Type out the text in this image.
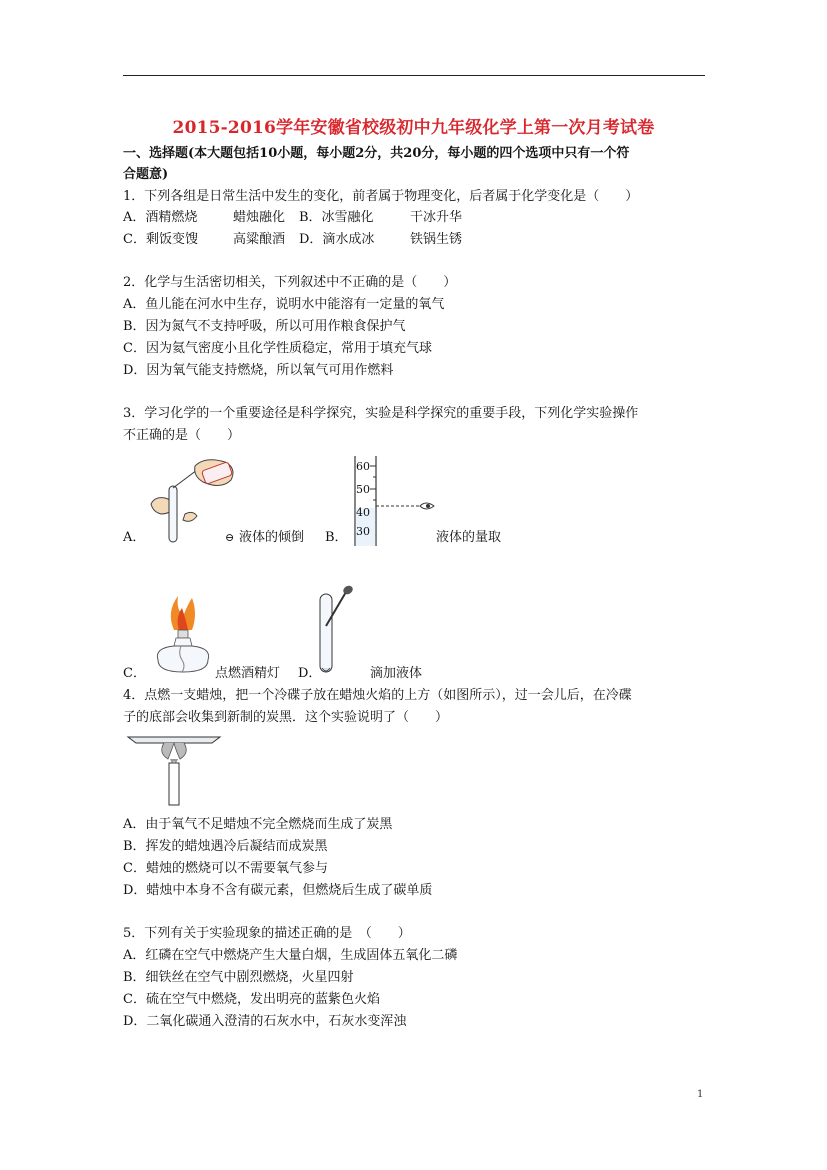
2015-2016学年安徽省校级初中九年级化学上第一次月考试卷
一、选择题(本大题包括10小题，每小题2分，共20分，每小题的四个选项中只有一个符
合题意)
1．下列各组是日常生活中发生的变化，前者属于物理变化，后者属于化学变化是（　　）
A．酒精燃烧	蜡烛融化 B．冰雪融化	干冰升华
C．剩饭变馊	高粱酿酒 D．滴水成冰	铁锅生锈
2．化学与生活密切相关，下列叙述中不正确的是（　　）
A．鱼儿能在河水中生存，说明水中能溶有一定量的氧气
B．因为氮气不支持呼吸，所以可用作粮食保护气
C．因为氦气密度小且化学性质稳定，常用于填充气球
D．因为氧气能支持燃烧，所以氧气可用作燃料
3．学习化学的一个重要途径是科学探究，实验是科学探究的重要手段，下列化学实验操作
不正确的是（　　）
A．	⊖ 液体的倾倒
60
50
40
30
B．	液体的量取
C．	点燃酒精灯 D．	滴加液体
4．点燃一支蜡烛，把一个冷碟子放在蜡烛火焰的上方（如图所示），过一会儿后，在冷碟
子的底部会收集到新制的炭黑．这个实验说明了（　　）
A．由于氧气不足蜡烛不完全燃烧而生成了炭黑
B．挥发的蜡烛遇冷后凝结而成炭黑
C．蜡烛的燃烧可以不需要氧气参与
D．蜡烛中本身不含有碳元素，但燃烧后生成了碳单质
5．下列有关于实验现象的描述正确的是　（　　）
A．红磷在空气中燃烧产生大量白烟，生成固体五氧化二磷
B．细铁丝在空气中剧烈燃烧，火星四射
C．硫在空气中燃烧，发出明亮的蓝紫色火焰
D．二氧化碳通入澄清的石灰水中，石灰水变浑浊
1
